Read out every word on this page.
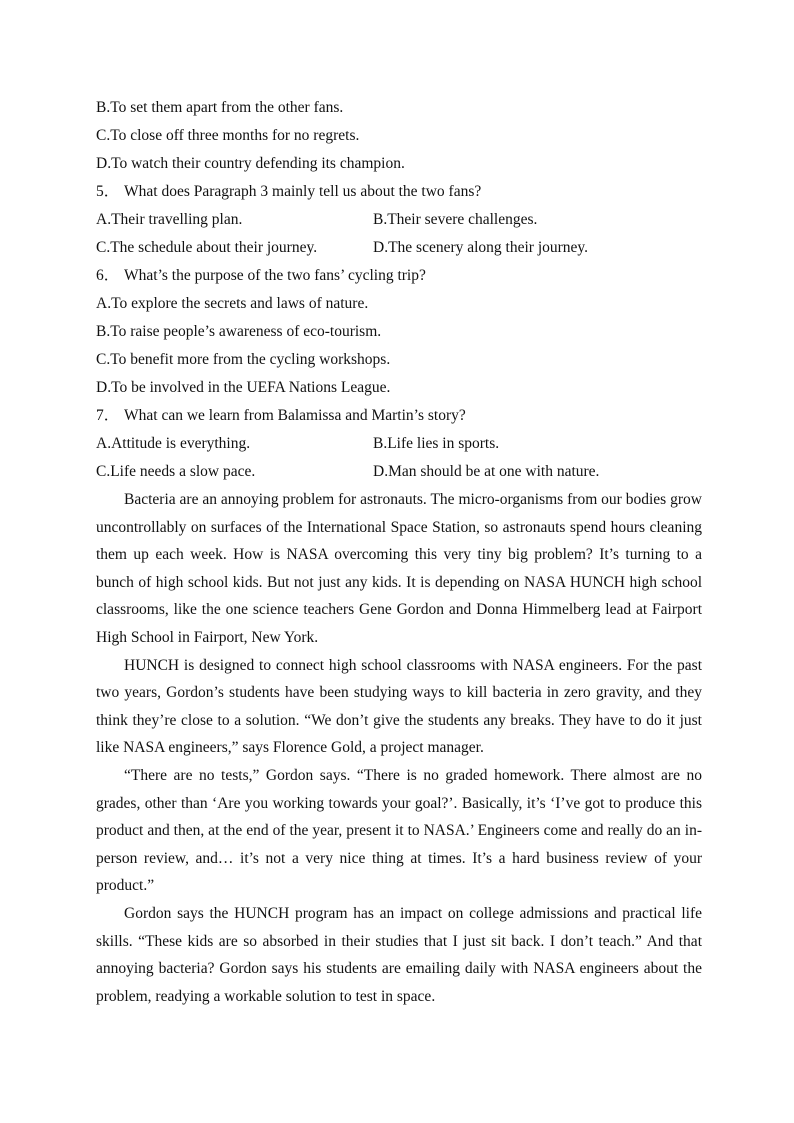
B.To set them apart from the other fans.
C.To close off three months for no regrets.
D.To watch their country defending its champion.
5． What does Paragraph 3 mainly tell us about the two fans?
A.Their travelling plan.	B.Their severe challenges.
C.The schedule about their journey.	D.The scenery along their journey.
6． What’s the purpose of the two fans’ cycling trip?
A.To explore the secrets and laws of nature.
B.To raise people’s awareness of eco-tourism.
C.To benefit more from the cycling workshops.
D.To be involved in the UEFA Nations League.
7． What can we learn from Balamissa and Martin’s story?
A.Attitude is everything.	B.Life lies in sports.
C.Life needs a slow pace.	D.Man should be at one with nature.

Bacteria are an annoying problem for astronauts. The micro-organisms from our bodies grow uncontrollably on surfaces of the International Space Station, so astronauts spend hours cleaning them up each week. How is NASA overcoming this very tiny big problem? It’s turning to a bunch of high school kids. But not just any kids. It is depending on NASA HUNCH high school classrooms, like the one science teachers Gene Gordon and Donna Himmelberg lead at Fairport High School in Fairport, New York.

HUNCH is designed to connect high school classrooms with NASA engineers. For the past two years, Gordon’s students have been studying ways to kill bacteria in zero gravity, and they think they’re close to a solution. “We don’t give the students any breaks. They have to do it just like NASA engineers,” says Florence Gold, a project manager.

“There are no tests,” Gordon says. “There is no graded homework. There almost are no grades, other than ‘Are you working towards your goal?’. Basically, it’s ‘I’ve got to produce this product and then, at the end of the year, present it to NASA.’ Engineers come and really do an in-person review, and… it’s not a very nice thing at times. It’s a hard business review of your product.”

Gordon says the HUNCH program has an impact on college admissions and practical life skills. “These kids are so absorbed in their studies that I just sit back. I don’t teach.” And that annoying bacteria? Gordon says his students are emailing daily with NASA engineers about the problem, readying a workable solution to test in space.
